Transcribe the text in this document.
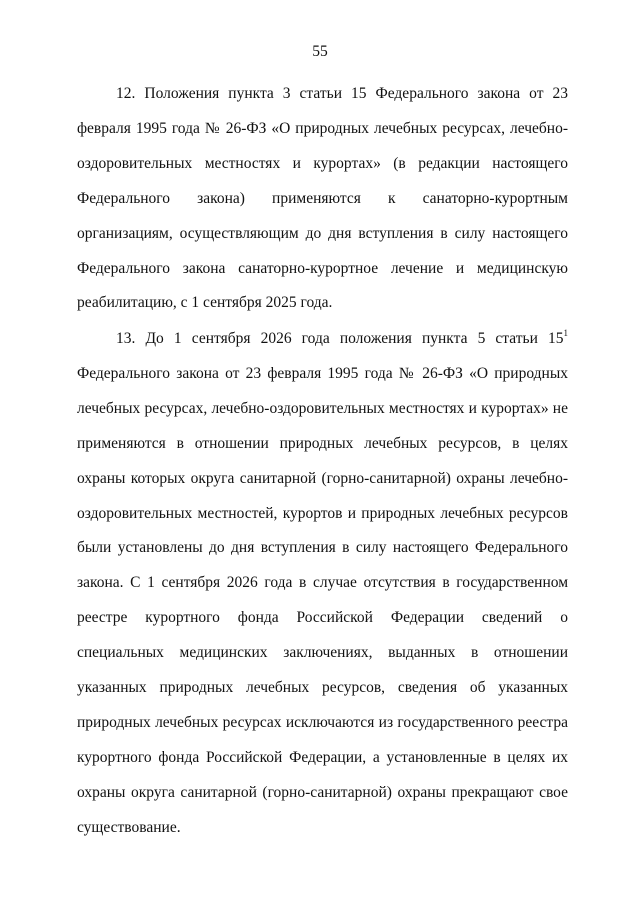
55

12. Положения пункта 3 статьи 15 Федерального закона от 23 февраля 1995 года № 26-ФЗ «О природных лечебных ресурсах, лечебно-оздоровительных местностях и курортах» (в редакции настоящего Федерального закона) применяются к санаторно-курортным организациям, осуществляющим до дня вступления в силу настоящего Федерального закона санаторно-курортное лечение и медицинскую реабилитацию, с 1 сентября 2025 года.

13. До 1 сентября 2026 года положения пункта 5 статьи $15^1$ Федерального закона от 23 февраля 1995 года № 26-ФЗ «О природных лечебных ресурсах, лечебно-оздоровительных местностях и курортах» не применяются в отношении природных лечебных ресурсов, в целях охраны которых округа санитарной (горно-санитарной) охраны лечебно-оздоровительных местностей, курортов и природных лечебных ресурсов были установлены до дня вступления в силу настоящего Федерального закона. С 1 сентября 2026 года в случае отсутствия в государственном реестре курортного фонда Российской Федерации сведений о специальных медицинских заключениях, выданных в отношении указанных природных лечебных ресурсов, сведения об указанных природных лечебных ресурсах исключаются из государственного реестра курортного фонда Российской Федерации, а установленные в целях их охраны округа санитарной (горно-санитарной) охраны прекращают свое существование.
